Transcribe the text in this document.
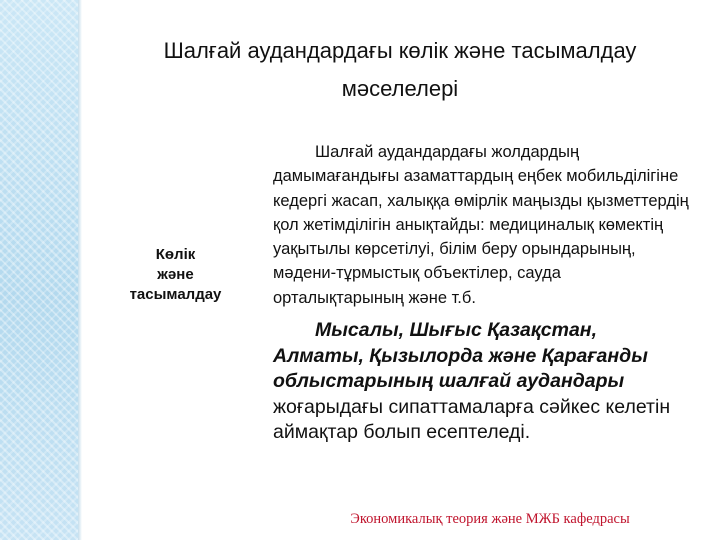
Шалғай аудандардағы көлік және тасымалдау мәселелері
Көлік
және
тасымалдау

Шалғай аудандардағы жолдардың дамымағандығы азаматтардың еңбек мобильділігіне кедергі жасап, халыққа өмірлік маңызды қызметтердің қол жетімділігін анықтайды: медициналық көмектің уақытылы көрсетілуі, білім беру орындарының, мәдени-тұрмыстық объектілер, сауда орталықтарының және т.б.

Мысалы, Шығыс Қазақстан, Алматы, Қызылорда және Қарағанды облыстарының шалғай аудандары жоғарыдағы сипаттамаларға сәйкес келетін аймақтар болып есептеледі.

Экономикалық теория және МЖБ кафедрасы
